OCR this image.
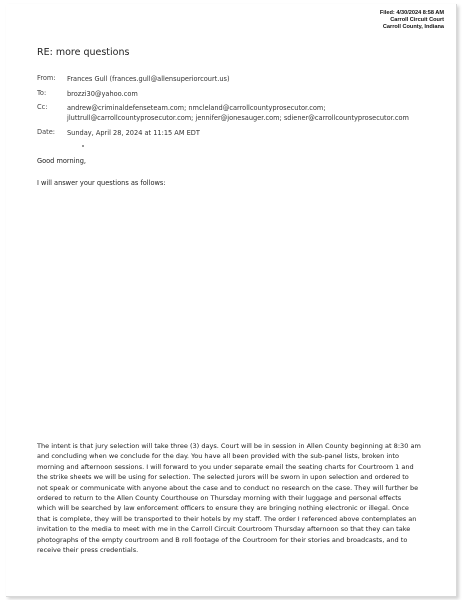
Filed: 4/30/2024 8:58 AM
Carroll Circuit Court
Carroll County, Indiana
RE: more questions
From:	Frances Gull (frances.gull@allensuperiorcourt.us)
To:	brozzi30@yahoo.com
Cc:	andrew@criminaldefenseteam.com; nmcleland@carrollcountyprosecutor.com;
jluttrull@carrollcountyprosecutor.com; jennifer@jonesauger.com; sdiener@carrollcountyprosecutor.com
Date:	Sunday, April 28, 2024 at 11:15 AM EDT
Good morning,
I will answer your questions as follows:
The intent is that jury selection will take three (3) days. Court will be in session in Allen County beginning at 8:30 am
and concluding when we conclude for the day. You have all been provided with the sub-panel lists, broken into
morning and afternoon sessions. I will forward to you under separate email the seating charts for Courtroom 1 and
the strike sheets we will be using for selection. The selected jurors will be sworn in upon selection and ordered to
not speak or communicate with anyone about the case and to conduct no research on the case. They will further be
ordered to return to the Allen County Courthouse on Thursday morning with their luggage and personal effects
which will be searched by law enforcement officers to ensure they are bringing nothing electronic or illegal. Once
that is complete, they will be transported to their hotels by my staff. The order I referenced above contemplates an
invitation to the media to meet with me in the Carroll Circuit Courtroom Thursday afternoon so that they can take
photographs of the empty courtroom and B roll footage of the Courtroom for their stories and broadcasts, and to
receive their press credentials.
